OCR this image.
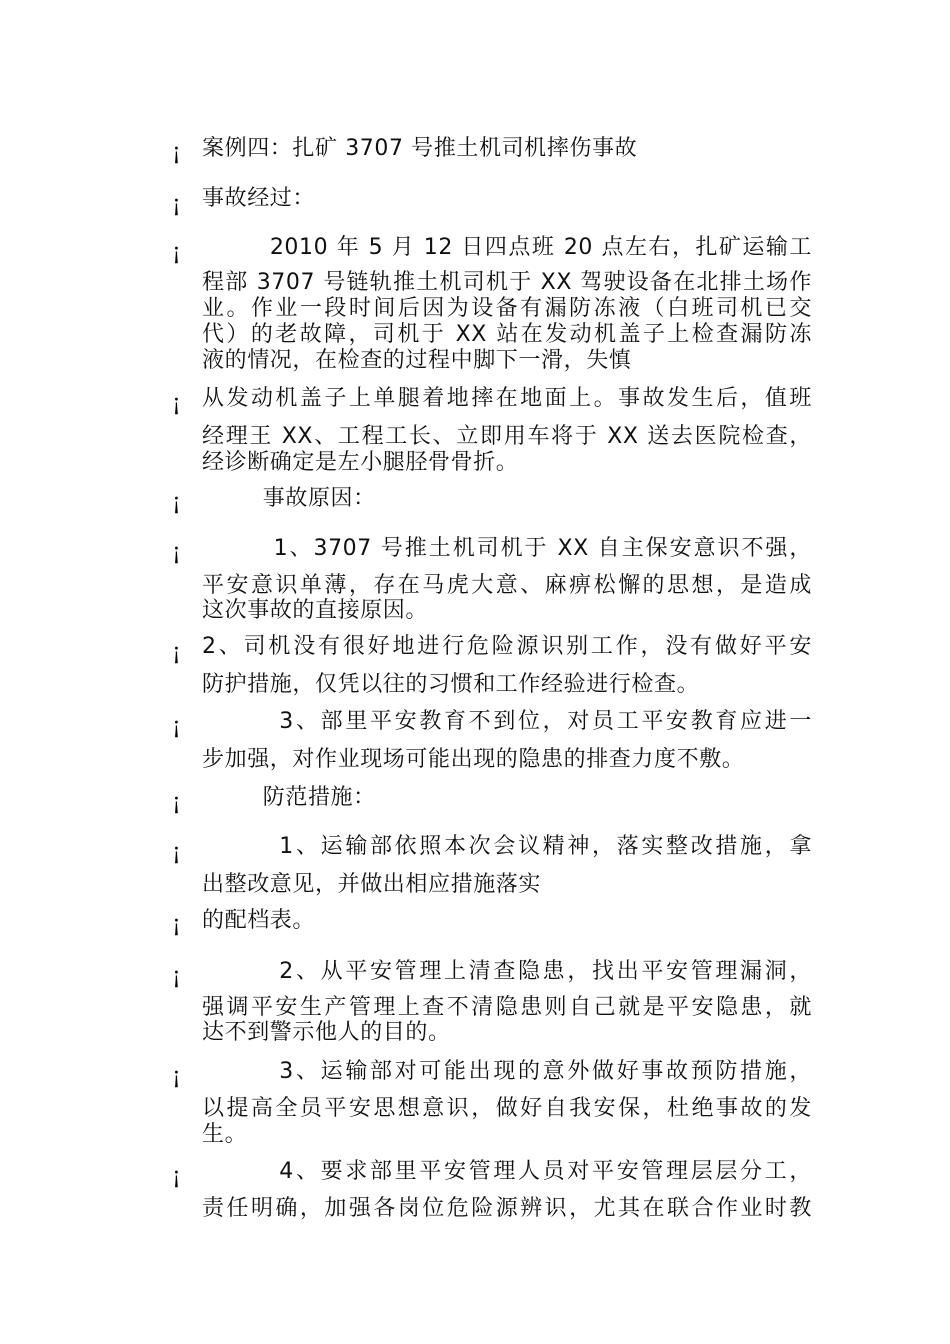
¡
¡
¡
¡
¡
¡
¡
¡
¡
¡
¡
¡
¡
¡
案例四：扎矿 3707 号推土机司机摔伤事故
事故经过：
2010 年 5 月 12 日四点班 20 点左右，扎矿运输工
程部 3707 号链轨推土机司机于 XX 驾驶设备在北排土场作
业。作业一段时间后因为设备有漏防冻液（白班司机已交
代）的老故障，司机于 XX 站在发动机盖子上检查漏防冻
液的情况，在检查的过程中脚下一滑，失慎
从发动机盖子上单腿着地摔在地面上。事故发生后，值班
经理王 XX、工程工长、立即用车将于 XX 送去医院检查，
经诊断确定是左小腿胫骨骨折。
事故原因：
1、3707 号推土机司机于 XX 自主保安意识不强，
平安意识单薄，存在马虎大意、麻痹松懈的思想，是造成
这次事故的直接原因。
2、司机没有很好地进行危险源识别工作，没有做好平安
防护措施，仅凭以往的习惯和工作经验进行检查。
3、部里平安教育不到位，对员工平安教育应进一
步加强，对作业现场可能出现的隐患的排查力度不敷。
防范措施：
1、运输部依照本次会议精神，落实整改措施，拿
出整改意见，并做出相应措施落实
的配档表。
2、从平安管理上清查隐患，找出平安管理漏洞，
强调平安生产管理上查不清隐患则自己就是平安隐患，就
达不到警示他人的目的。
3、运输部对可能出现的意外做好事故预防措施，
以提高全员平安思想意识，做好自我安保，杜绝事故的发
生。
4、要求部里平安管理人员对平安管理层层分工，
责任明确，加强各岗位危险源辨识，尤其在联合作业时教
